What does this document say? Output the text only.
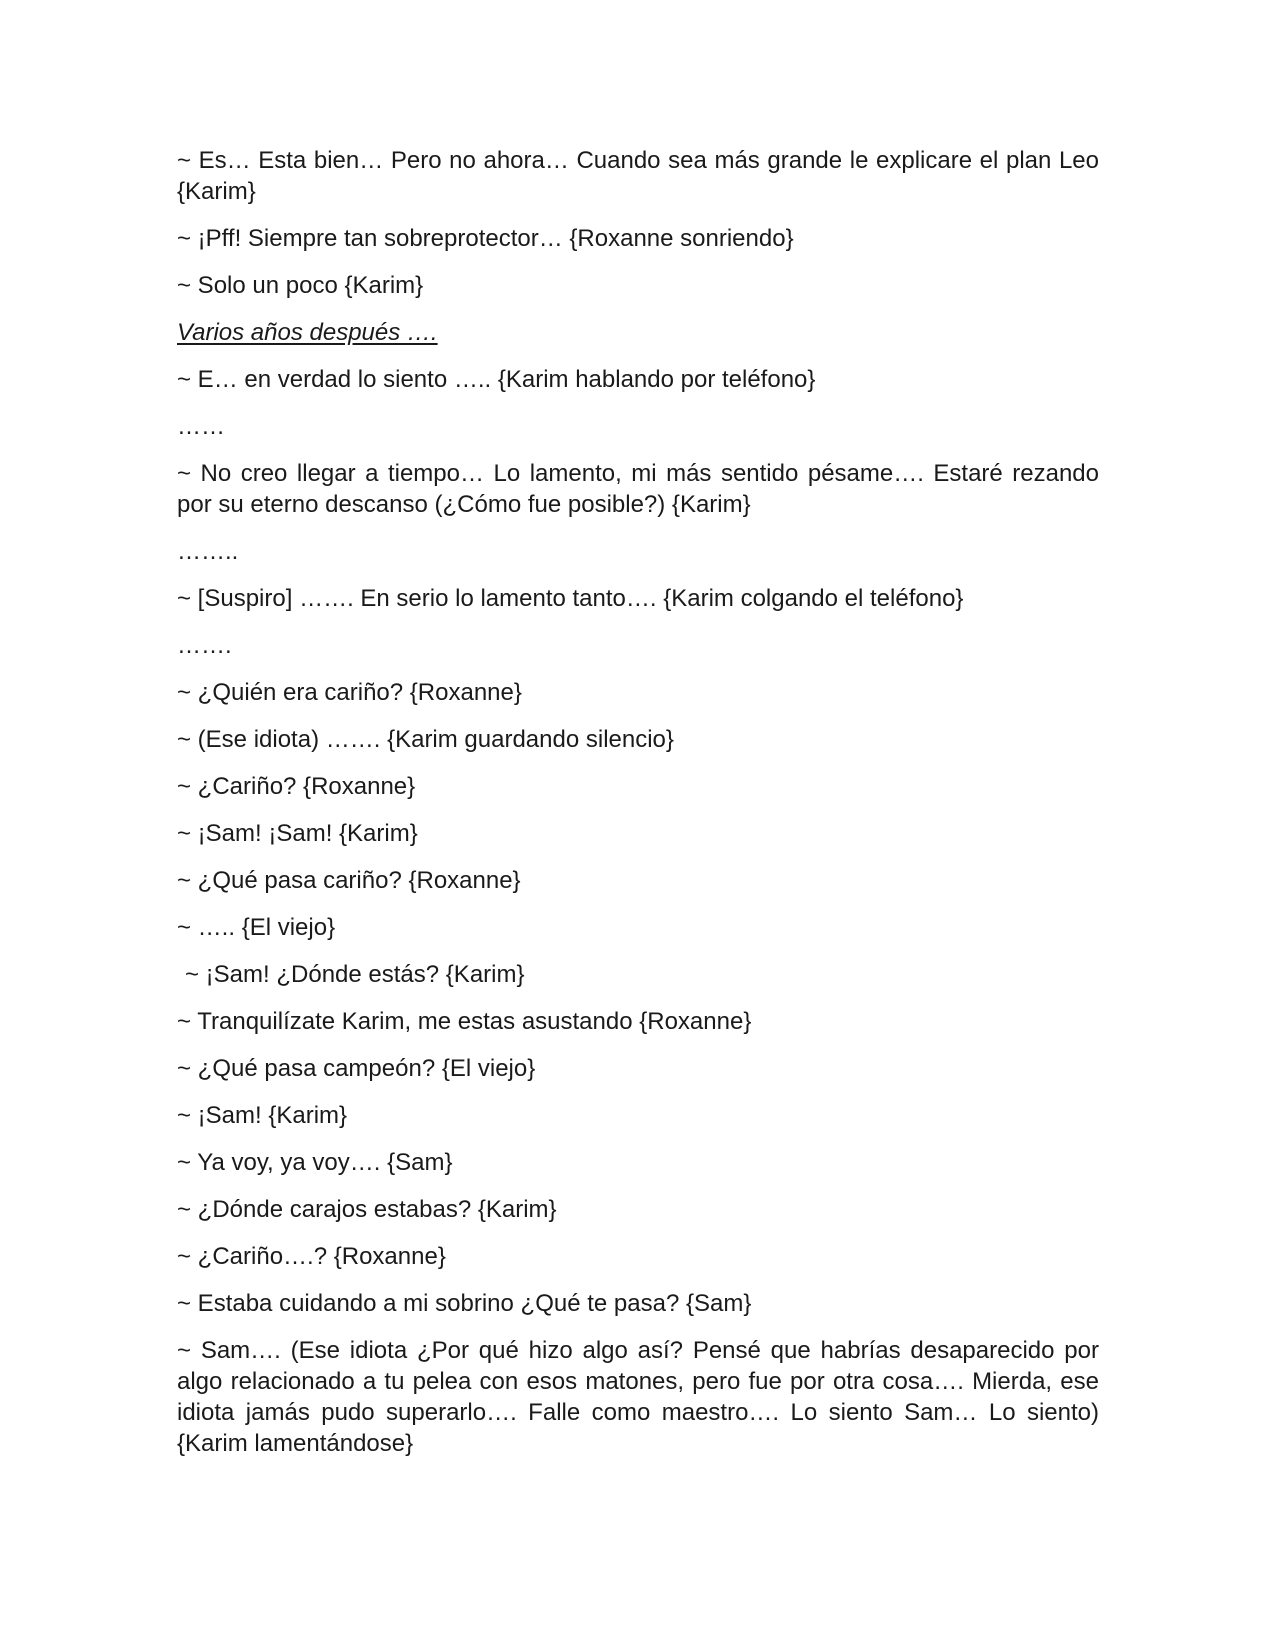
~ Es… Esta bien… Pero no ahora… Cuando sea más grande le explicare el plan Leo {Karim}

~ ¡Pff! Siempre tan sobreprotector… {Roxanne sonriendo}

~ Solo un poco {Karim}

Varios años después ….

~ E… en verdad lo siento ….. {Karim hablando por teléfono}

……

~ No creo llegar a tiempo… Lo lamento, mi más sentido pésame…. Estaré rezando por su eterno descanso (¿Cómo fue posible?) {Karim}

……..

~ [Suspiro] ……. En serio lo lamento tanto…. {Karim colgando el teléfono}

…….

~ ¿Quién era cariño? {Roxanne}

~ (Ese idiota) ……. {Karim guardando silencio}

~ ¿Cariño? {Roxanne}

~ ¡Sam! ¡Sam! {Karim}

~ ¿Qué pasa cariño? {Roxanne}

~ ….. {El viejo}

~ ¡Sam! ¿Dónde estás? {Karim}

~ Tranquilízate Karim, me estas asustando {Roxanne}

~ ¿Qué pasa campeón? {El viejo}

~ ¡Sam! {Karim}

~ Ya voy, ya voy…. {Sam}

~ ¿Dónde carajos estabas? {Karim}

~ ¿Cariño….? {Roxanne}

~ Estaba cuidando a mi sobrino ¿Qué te pasa? {Sam}

~ Sam…. (Ese idiota ¿Por qué hizo algo así? Pensé que habrías desaparecido por algo relacionado a tu pelea con esos matones, pero fue por otra cosa…. Mierda, ese idiota jamás pudo superarlo…. Falle como maestro…. Lo siento Sam… Lo siento) {Karim lamentándose}
